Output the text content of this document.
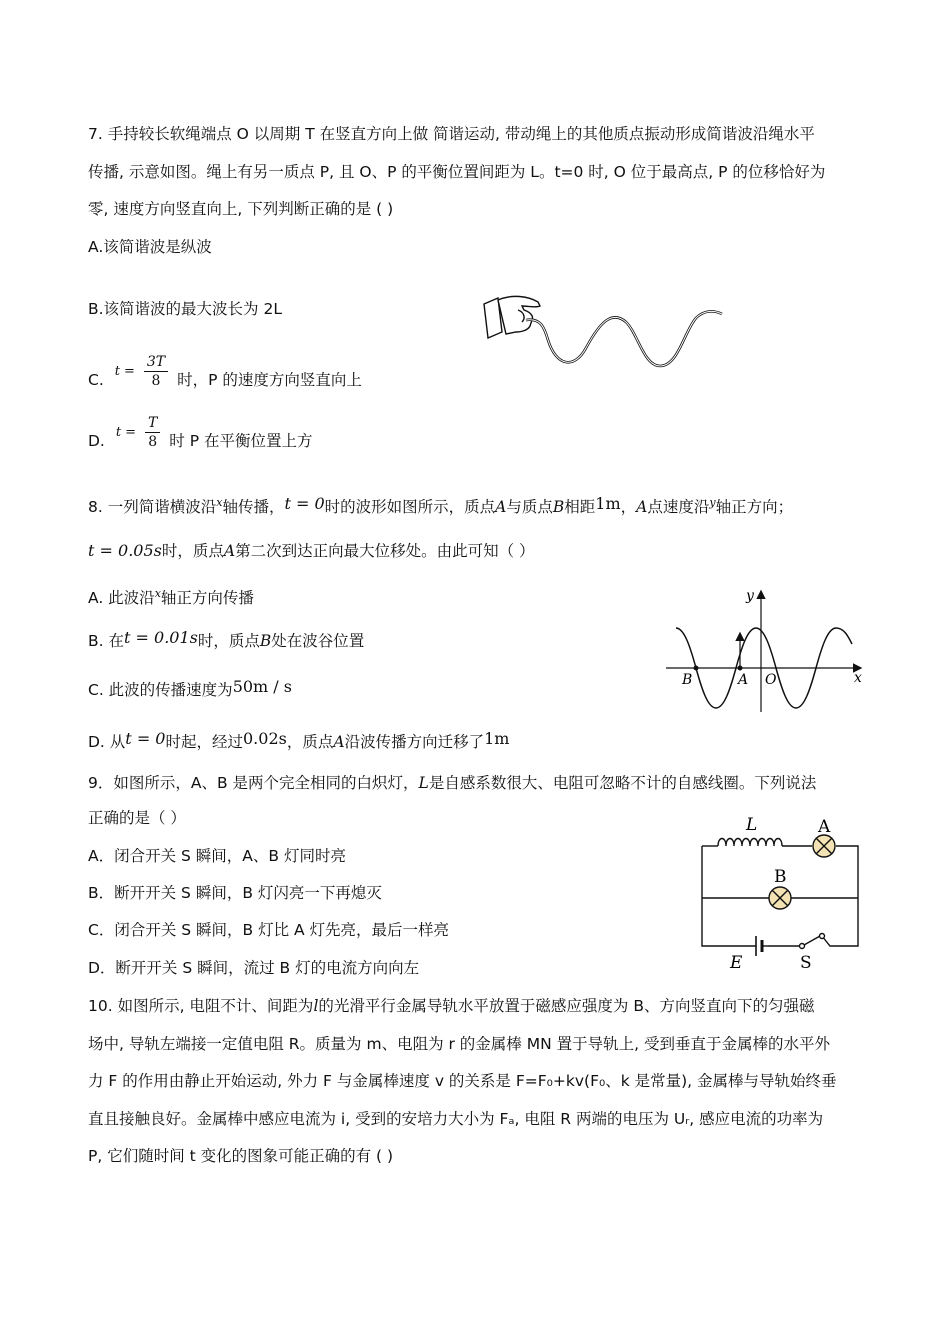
7. 手持较长软绳端点 O 以周期 T 在竖直方向上做 简谐运动, 带动绳上的其他质点振动形成简谐波沿绳水平
传播, 示意如图。绳上有另一质点 P, 且 O、P 的平衡位置间距为 L。t=0 时, O 位于最高点, P 的位移恰好为
零, 速度方向竖直向上, 下列判断正确的是 ( )
A.该简谐波是纵波
B.该简谐波的最大波长为 2L
C. $t = \frac{3T}{8}$ 时，P 的速度方向竖直向上
D. $t = \frac{T}{8}$ 时 P 在平衡位置上方
8. 一列简谐横波沿$^x$轴传播，t = 0时的波形如图所示，质点A与质点B相距1m，A点速度沿$^y$轴正方向；
t = 0.05s时，质点A第二次到达正向最大位移处。由此可知（ ）
A. 此波沿$^x$轴正方向传播
B. 在t = 0.01s时，质点B处在波谷位置
C. 此波的传播速度为50m / s
D. 从t = 0时起，经过0.02s，质点A沿波传播方向迁移了1m
y
x
B	A O
9．如图所示，A、B 是两个完全相同的白炽灯，L是自感系数很大、电阻可忽略不计的自感线圈。下列说法
正确的是（ ）
A．闭合开关 S 瞬间，A、B 灯同时亮
B．断开开关 S 瞬间，B 灯闪亮一下再熄灭
C．闭合开关 S 瞬间，B 灯比 A 灯先亮，最后一样亮
D．断开开关 S 瞬间，流过 B 灯的电流方向向左
L	A
B
E	S
10. 如图所示, 电阻不计、间距为l的光滑平行金属导轨水平放置于磁感应强度为 B、方向竖直向下的匀强磁
场中, 导轨左端接一定值电阻 R。质量为 m、电阻为 r 的金属棒 MN 置于导轨上, 受到垂直于金属棒的水平外
力 F 的作用由静止开始运动, 外力 F 与金属棒速度 v 的关系是 F=F₀+kv(F₀、k 是常量), 金属棒与导轨始终垂
直且接触良好。金属棒中感应电流为 i, 受到的安培力大小为 Fₐ, 电阻 R 两端的电压为 Uᵣ, 感应电流的功率为
P, 它们随时间 t 变化的图象可能正确的有 ( )
